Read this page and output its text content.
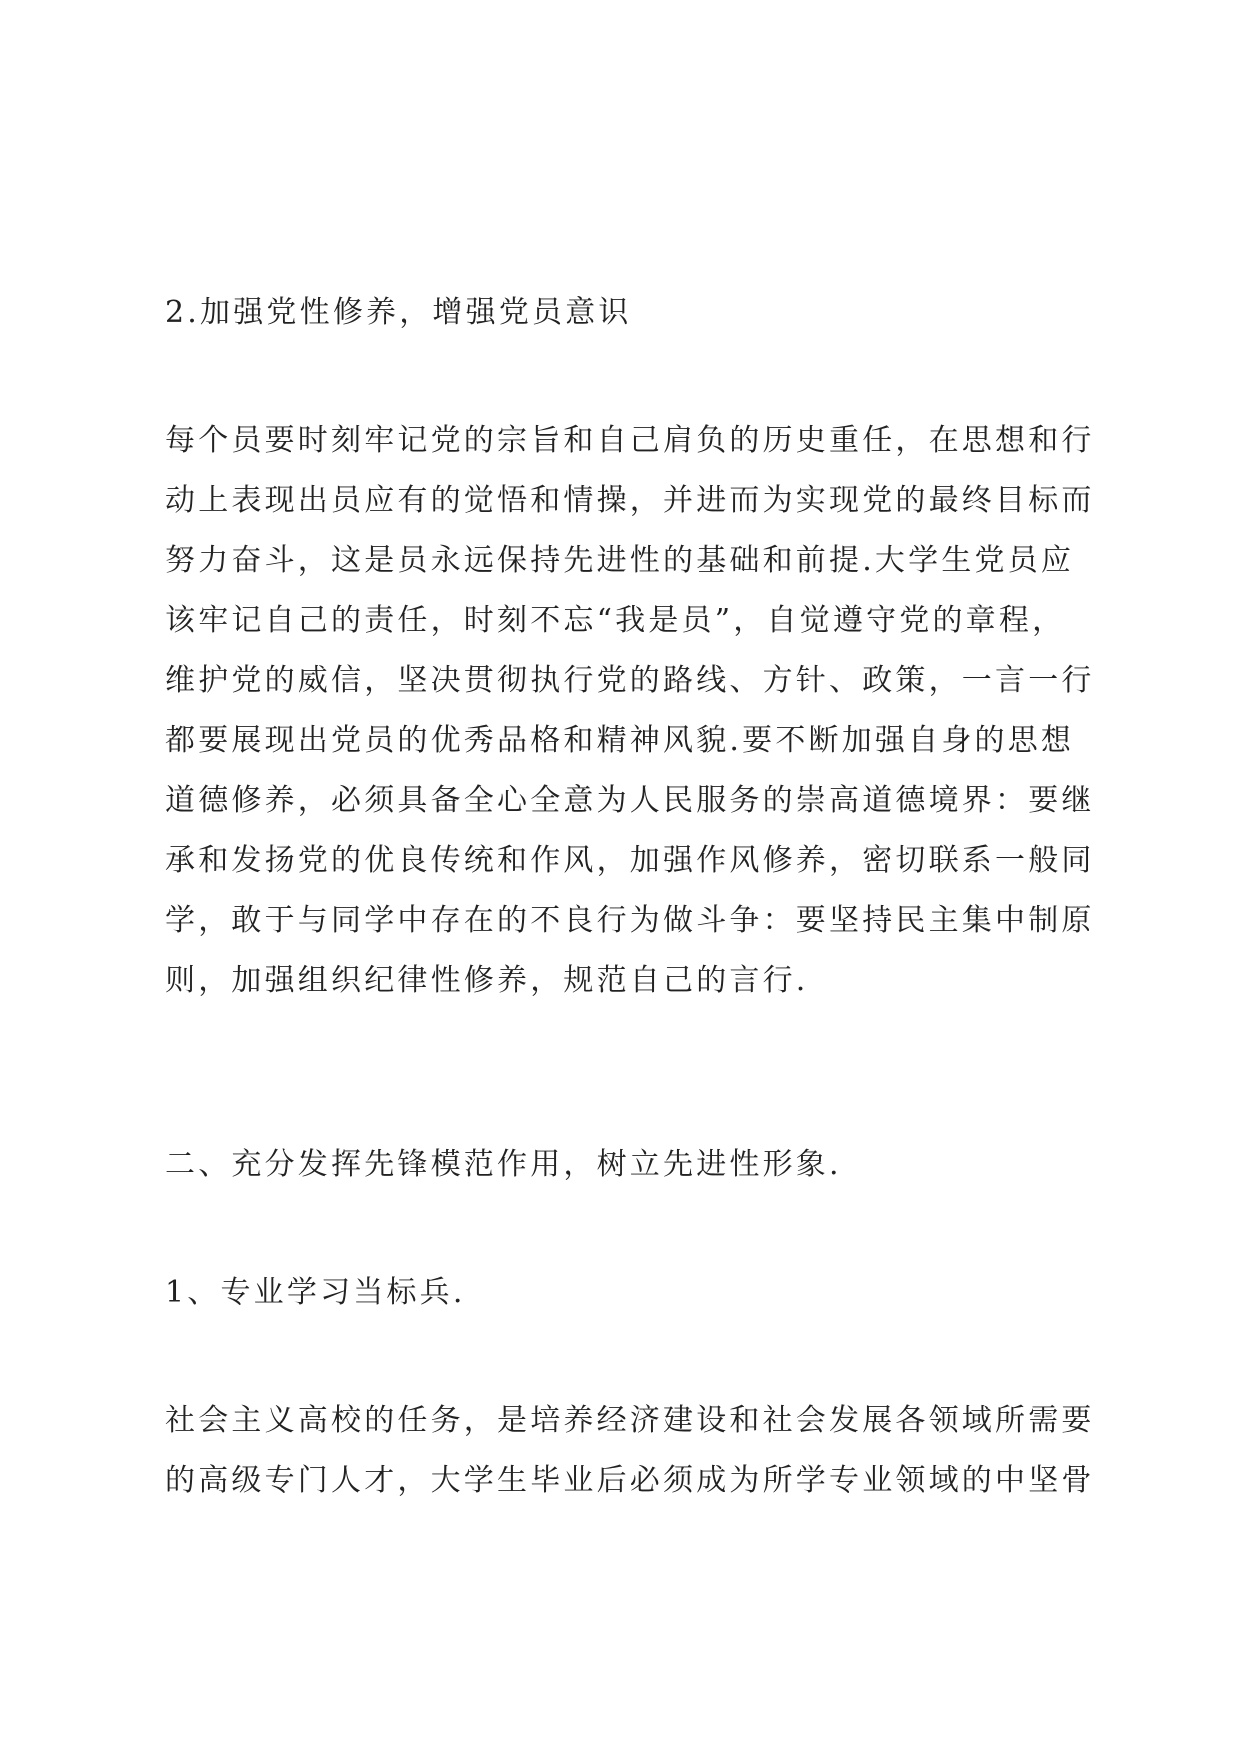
2.加强党性修养，增强党员意识

每个员要时刻牢记党的宗旨和自己肩负的历史重任，在思想和行
动上表现出员应有的觉悟和情操，并进而为实现党的最终目标而
努力奋斗，这是员永远保持先进性的基础和前提.大学生党员应
该牢记自己的责任，时刻不忘“我是员”，自觉遵守党的章程，
维护党的威信，坚决贯彻执行党的路线、方针、政策，一言一行
都要展现出党员的优秀品格和精神风貌.要不断加强自身的思想
道德修养，必须具备全心全意为人民服务的崇高道德境界：要继
承和发扬党的优良传统和作风，加强作风修养，密切联系一般同
学，敢于与同学中存在的不良行为做斗争：要坚持民主集中制原
则，加强组织纪律性修养，规范自己的言行.

二、充分发挥先锋模范作用，树立先进性形象.

1、专业学习当标兵.

社会主义高校的任务，是培养经济建设和社会发展各领域所需要
的高级专门人才，大学生毕业后必须成为所学专业领域的中坚骨
